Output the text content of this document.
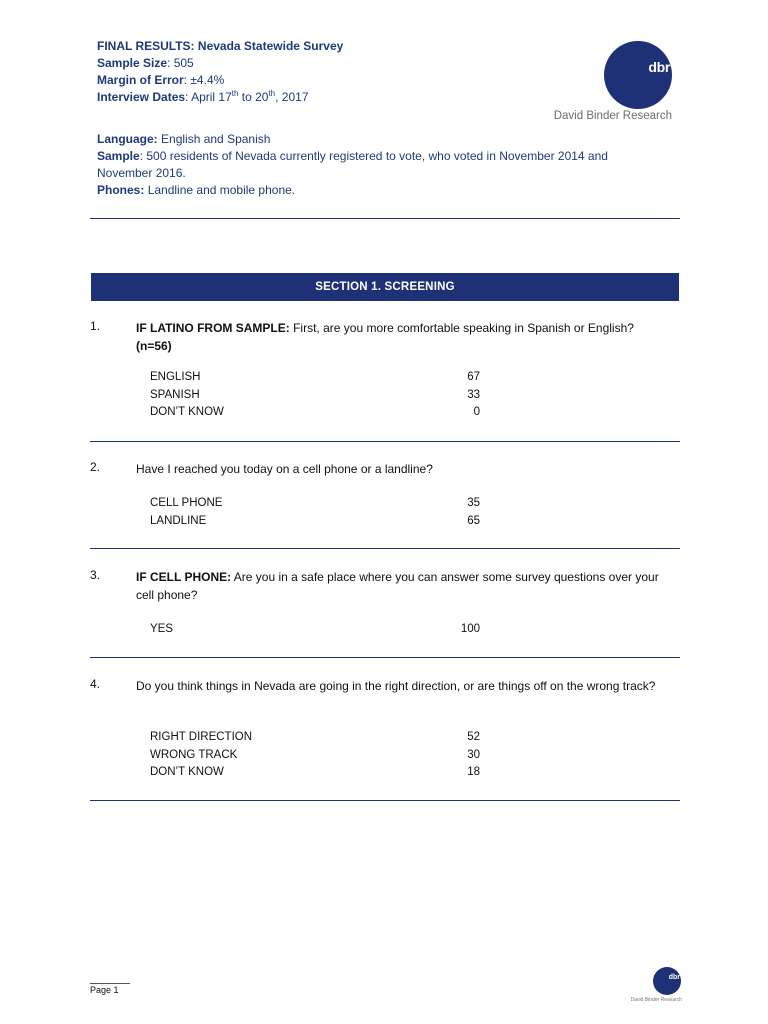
FINAL RESULTS: Nevada Statewide Survey
Sample Size: 505
Margin of Error: ±4.4%
Interview Dates: April 17th to 20th, 2017
dbr
David Binder Research
Language: English and Spanish
Sample: 500 residents of Nevada currently registered to vote, who voted in November 2014 and November 2016.
Phones: Landline and mobile phone.
SECTION 1. SCREENING
1.	IF LATINO FROM SAMPLE: First, are you more comfortable speaking in Spanish or English?
(n=56)
ENGLISH	67
SPANISH	33
DON’T KNOW	0
2.	Have I reached you today on a cell phone or a landline?
CELL PHONE	35
LANDLINE	65
3.	IF CELL PHONE: Are you in a safe place where you can answer some survey questions over your cell phone?
YES	100
4.	Do you think things in Nevada are going in the right direction, or are things off on the wrong track?
RIGHT DIRECTION	52
WRONG TRACK	30
DON’T KNOW	18
Page 1
dbr
David Binder Research
